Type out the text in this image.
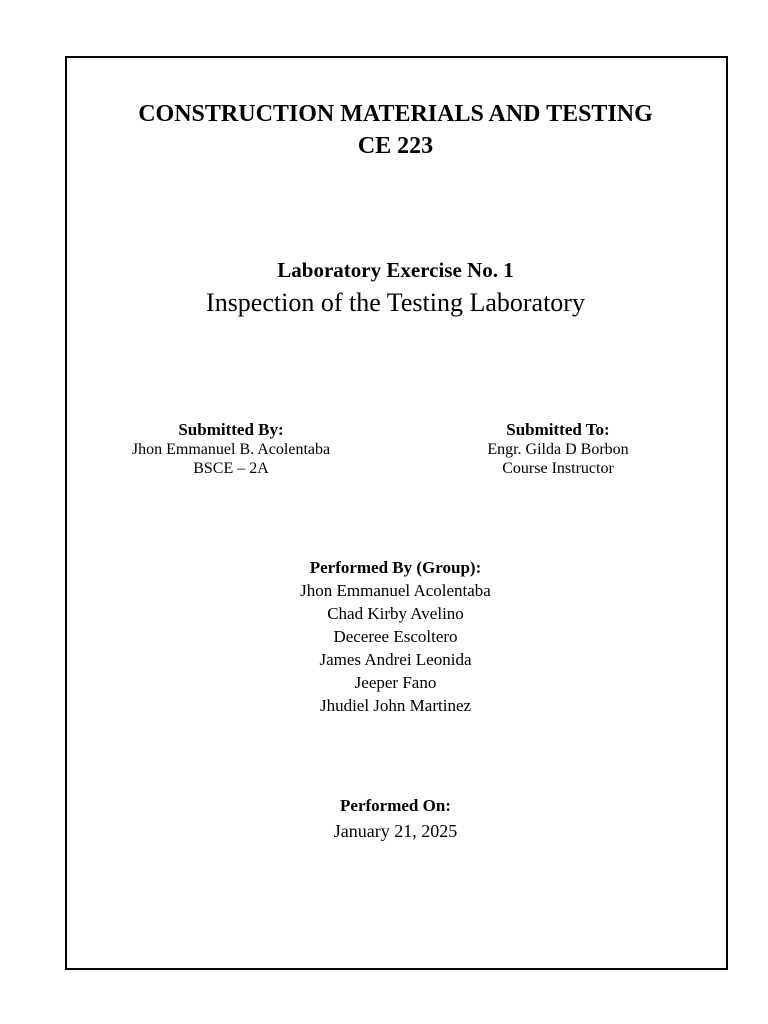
CONSTRUCTION MATERIALS AND TESTING
CE 223
Laboratory Exercise No. 1
Inspection of the Testing Laboratory
Submitted By:
Jhon Emmanuel B. Acolentaba
BSCE – 2A
Submitted To:
Engr. Gilda D Borbon
Course Instructor
Performed By (Group):
Jhon Emmanuel Acolentaba
Chad Kirby Avelino
Deceree Escoltero
James Andrei Leonida
Jeeper Fano
Jhudiel John Martinez
Performed On:
January 21, 2025
